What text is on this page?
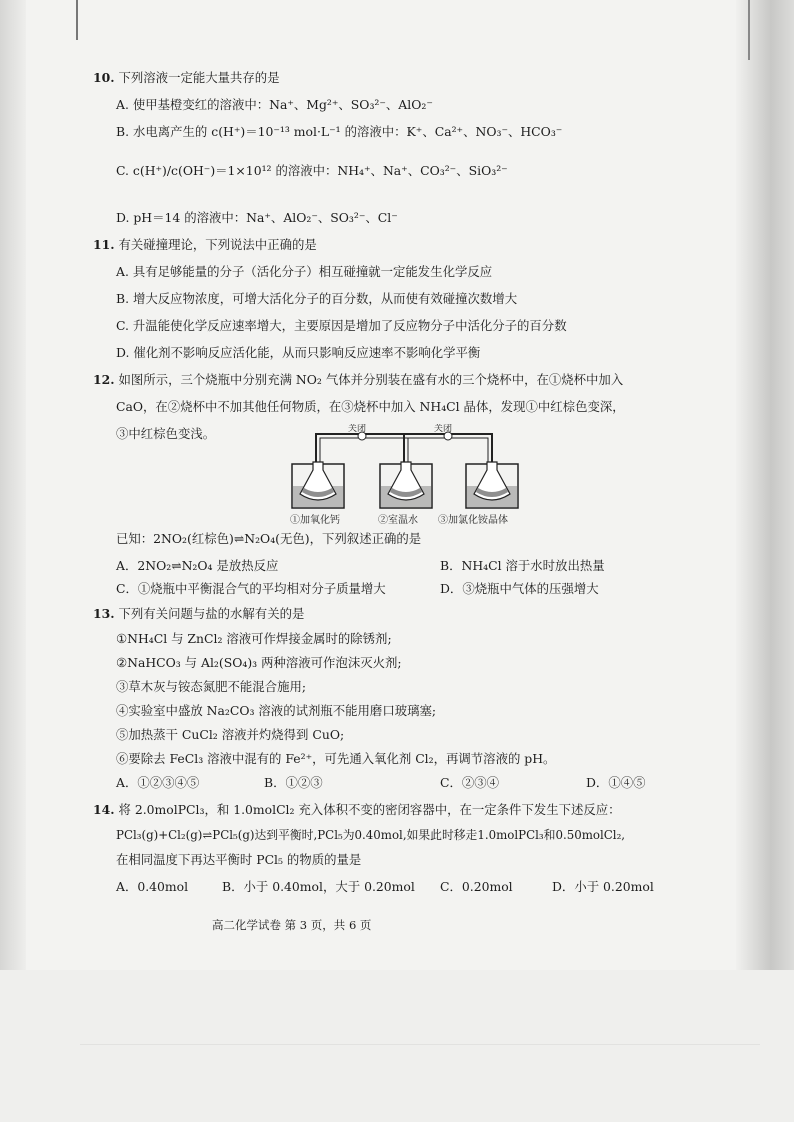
10. 下列溶液一定能大量共存的是
A. 使甲基橙变红的溶液中：Na⁺、Mg²⁺、SO₃²⁻、AlO₂⁻
B. 水电离产生的 c(H⁺)＝10⁻¹³ mol·L⁻¹ 的溶液中：K⁺、Ca²⁺、NO₃⁻、HCO₃⁻
C. c(H⁺)/c(OH⁻)＝1×10¹² 的溶液中：NH₄⁺、Na⁺、CO₃²⁻、SiO₃²⁻
D. pH＝14 的溶液中：Na⁺、AlO₂⁻、SO₃²⁻、Cl⁻
11. 有关碰撞理论，下列说法中正确的是
A. 具有足够能量的分子（活化分子）相互碰撞就一定能发生化学反应
B. 增大反应物浓度，可增大活化分子的百分数，从而使有效碰撞次数增大
C. 升温能使化学反应速率增大，主要原因是增加了反应物分子中活化分子的百分数
D. 催化剂不影响反应活化能，从而只影响反应速率不影响化学平衡
12. 如图所示，三个烧瓶中分别充满 NO₂ 气体并分别装在盛有水的三个烧杯中，在①烧杯中加入
CaO，在②烧杯中不加其他任何物质，在③烧杯中加入 NH₄Cl 晶体，发现①中红棕色变深，
③中红棕色变浅。	关闭	关闭
①加氧化钙	②室温水 ③加氯化铵晶体
已知：2NO₂(红棕色)⇌N₂O₄(无色)，下列叙述正确的是
A．2NO₂⇌N₂O₄ 是放热反应	B．NH₄Cl 溶于水时放出热量
C．①烧瓶中平衡混合气的平均相对分子质量增大	D．③烧瓶中气体的压强增大
13. 下列有关问题与盐的水解有关的是
①NH₄Cl 与 ZnCl₂ 溶液可作焊接金属时的除锈剂;
②NaHCO₃ 与 Al₂(SO₄)₃ 两种溶液可作泡沫灭火剂;
③草木灰与铵态氮肥不能混合施用;
④实验室中盛放 Na₂CO₃ 溶液的试剂瓶不能用磨口玻璃塞;
⑤加热蒸干 CuCl₂ 溶液并灼烧得到 CuO;
⑥要除去 FeCl₃ 溶液中混有的 Fe²⁺，可先通入氧化剂 Cl₂，再调节溶液的 pH。
A．①②③④⑤	B．①②③	C．②③④	D．①④⑤
14. 将 2.0molPCl₃，和 1.0molCl₂ 充入体积不变的密闭容器中，在一定条件下发生下述反应：
PCl₃(g)+Cl₂(g)⇌PCl₅(g)达到平衡时,PCl₅为0.40mol,如果此时移走1.0molPCl₃和0.50molCl₂,
在相同温度下再达平衡时 PCl₅ 的物质的量是
A．0.40mol	B．小于 0.40mol，大于 0.20mol C．0.20mol	D．小于 0.20mol
高二化学试卷 第 3 页，共 6 页
